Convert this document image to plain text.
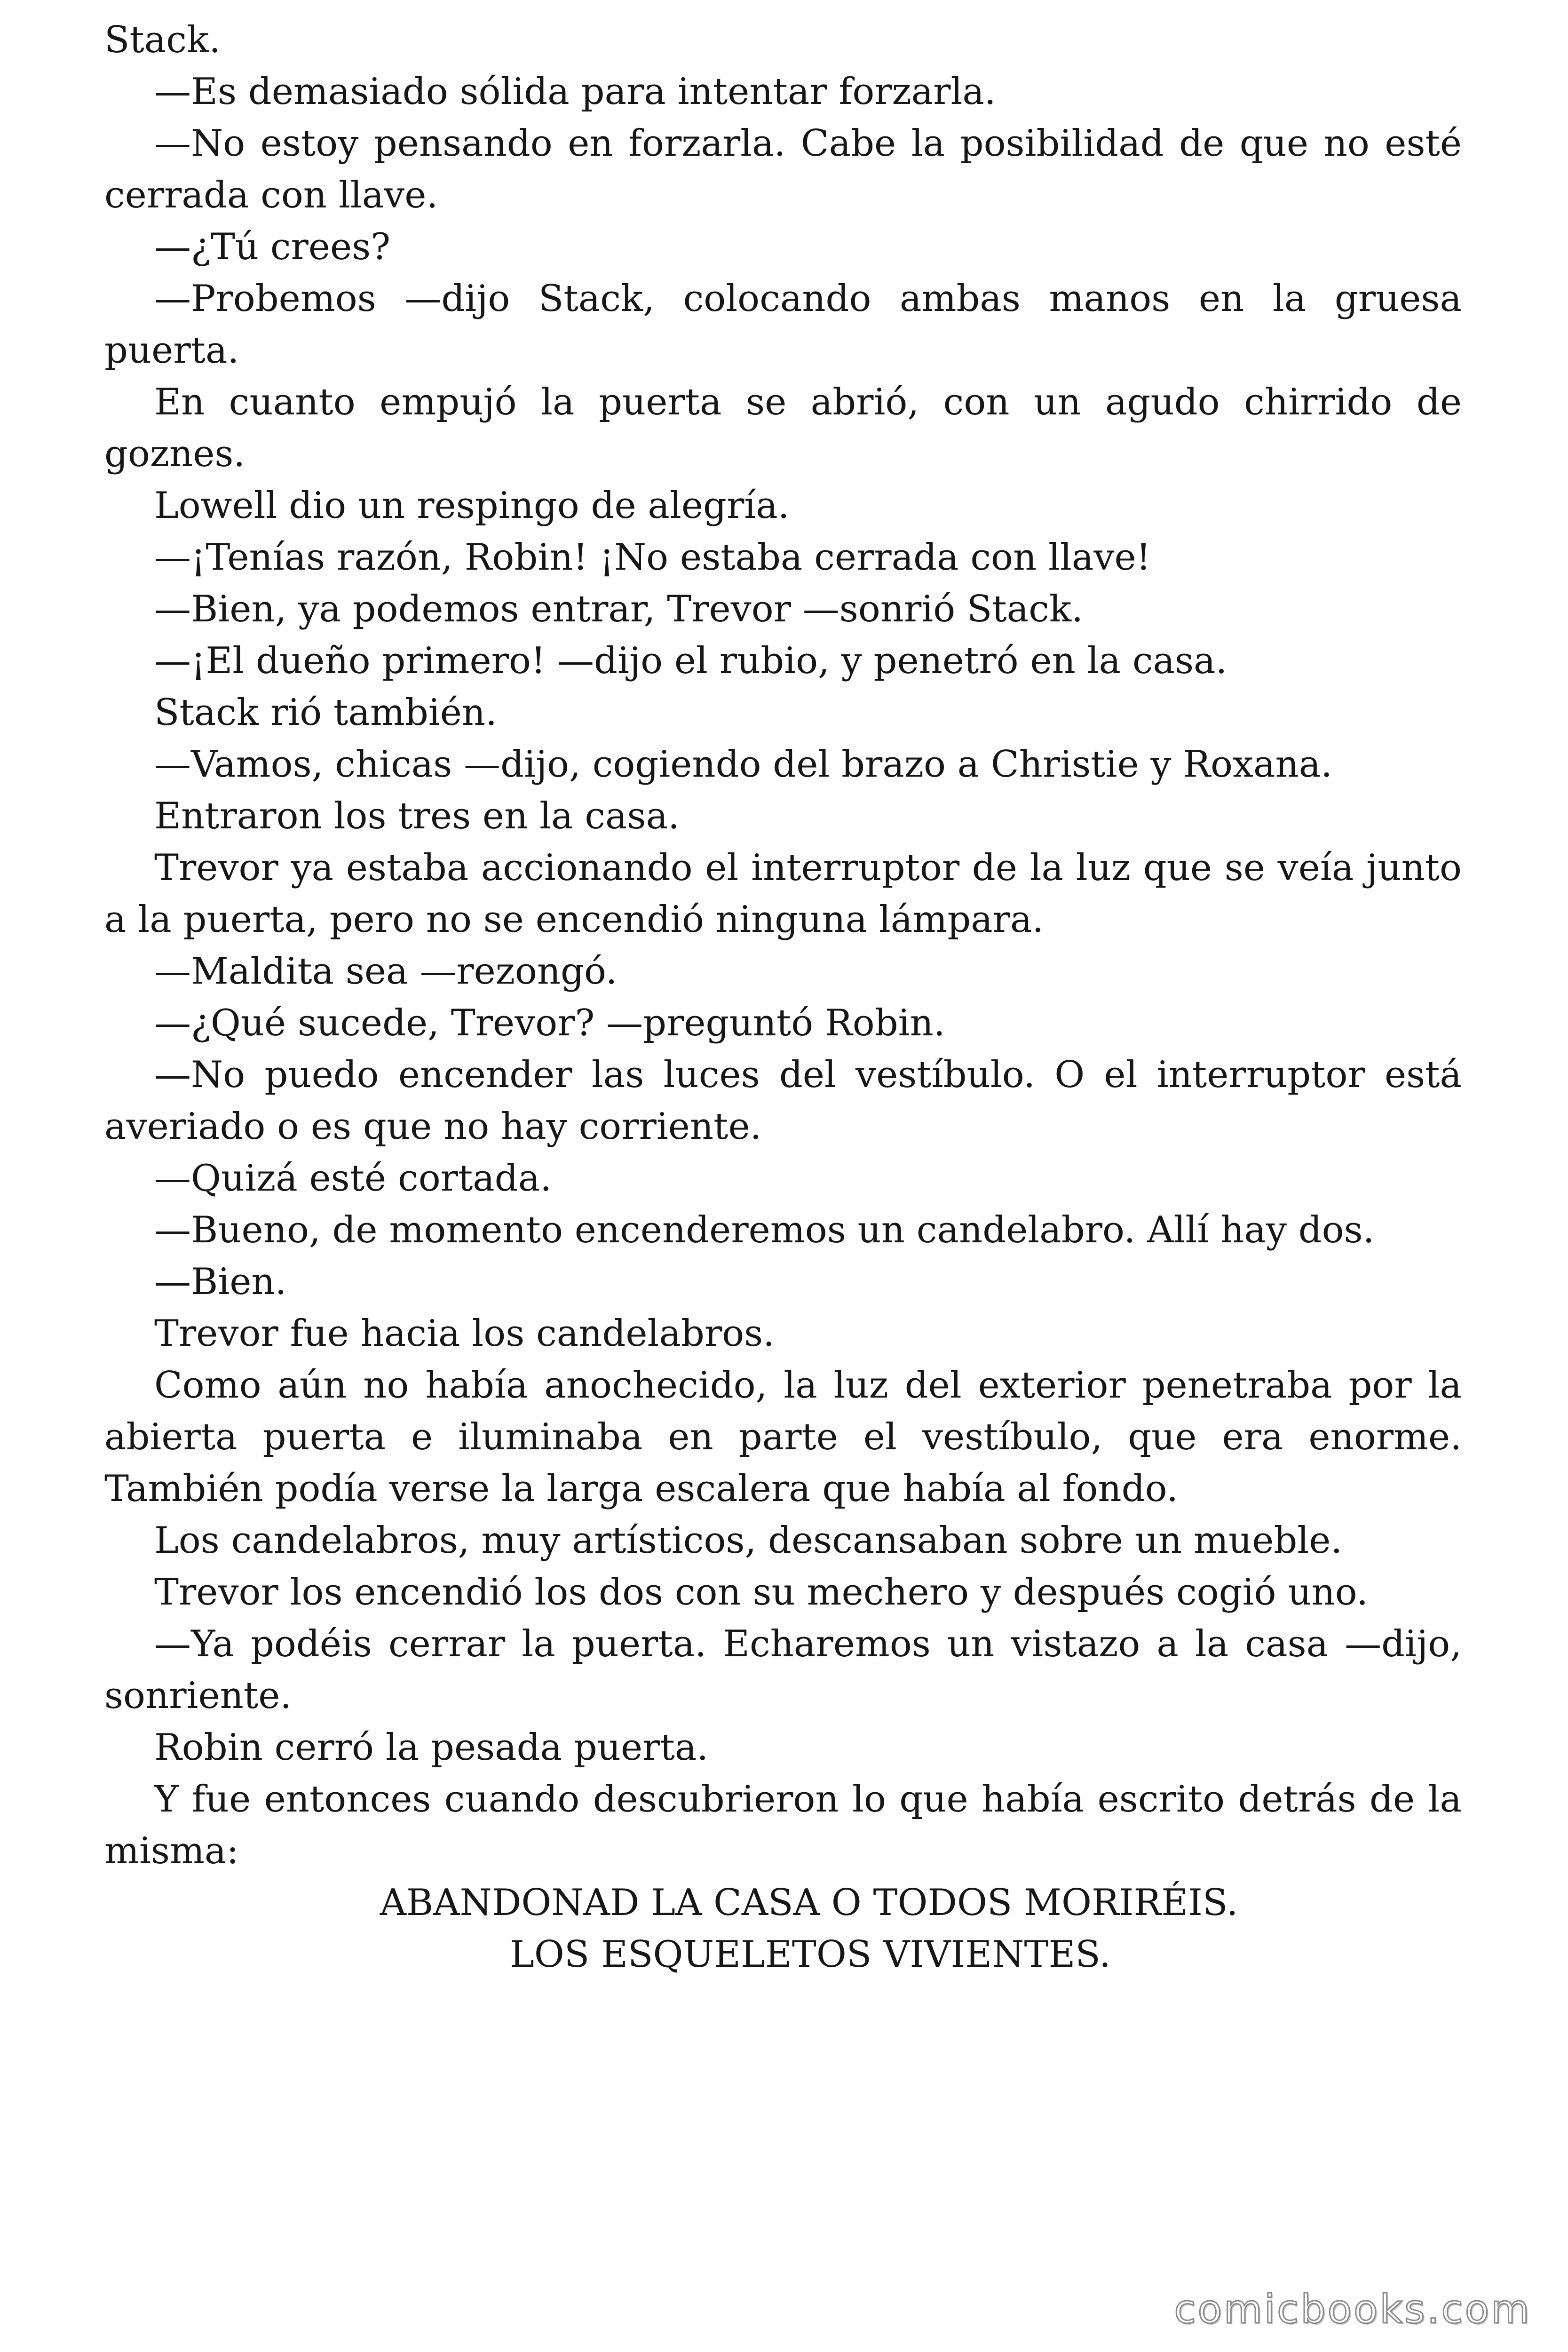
Stack.

—Es demasiado sólida para intentar forzarla.

—No estoy pensando en forzarla. Cabe la posibilidad de que no esté cerrada con llave.

—¿Tú crees?

—Probemos —dijo Stack, colocando ambas manos en la gruesa puerta.

En cuanto empujó la puerta se abrió, con un agudo chirrido de goznes.

Lowell dio un respingo de alegría.

—¡Tenías razón, Robin! ¡No estaba cerrada con llave!

—Bien, ya podemos entrar, Trevor —sonrió Stack.

—¡El dueño primero! —dijo el rubio, y penetró en la casa.

Stack rió también.

—Vamos, chicas —dijo, cogiendo del brazo a Christie y Roxana.

Entraron los tres en la casa.

Trevor ya estaba accionando el interruptor de la luz que se veía junto a la puerta, pero no se encendió ninguna lámpara.

—Maldita sea —rezongó.

—¿Qué sucede, Trevor? —preguntó Robin.

—No puedo encender las luces del vestíbulo. O el interruptor está averiado o es que no hay corriente.

—Quizá esté cortada.

—Bueno, de momento encenderemos un candelabro. Allí hay dos.

—Bien.

Trevor fue hacia los candelabros.

Como aún no había anochecido, la luz del exterior penetraba por la abierta puerta e iluminaba en parte el vestíbulo, que era enorme. También podía verse la larga escalera que había al fondo.

Los candelabros, muy artísticos, descansaban sobre un mueble.

Trevor los encendió los dos con su mechero y después cogió uno.

—Ya podéis cerrar la puerta. Echaremos un vistazo a la casa —dijo, sonriente.

Robin cerró la pesada puerta.

Y fue entonces cuando descubrieron lo que había escrito detrás de la misma:

ABANDONAD LA CASA O TODOS MORIRÉIS.
LOS ESQUELETOS VIVIENTES.

comicbooks.com
